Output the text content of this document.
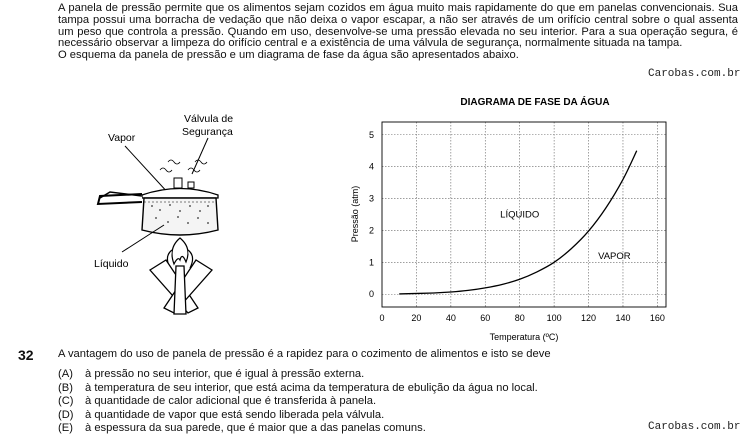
A panela de pressão permite que os alimentos sejam cozidos em água muito mais rapidamente do que em panelas convencionais. Sua tampa possui uma borracha de vedação que não deixa o vapor escapar, a não ser através de um orifício central sobre o qual assenta um peso que controla a pressão. Quando em uso, desenvolve-se uma pressão elevada no seu interior. Para a sua operação segura, é necessário observar a limpeza do orifício central e a existência de uma válvula de segurança, normalmente situada na tampa.

O esquema da panela de pressão e um diagrama de fase da água são apresentados abaixo.

Carobas.com.br
Carobas.com.br
Válvula de
Segurança
Vapor
Líquido
DIAGRAMA DE FASE DA ÁGUA
0
1
2
3
4
5
0	20	40	60	80 100 120 140 160
Pressão (atm)
Temperatura (ºC)
LÍQUIDO
VAPOR
32 A vantagem do uso de panela de pressão é a rapidez para o cozimento de alimentos e isto se deve
(A)	à pressão no seu interior, que é igual à pressão externa.
(B)	à temperatura de seu interior, que está acima da temperatura de ebulição da água no local.
(C)	à quantidade de calor adicional que é transferida à panela.
(D)	à quantidade de vapor que está sendo liberada pela válvula.
(E)	à espessura da sua parede, que é maior que a das panelas comuns.
